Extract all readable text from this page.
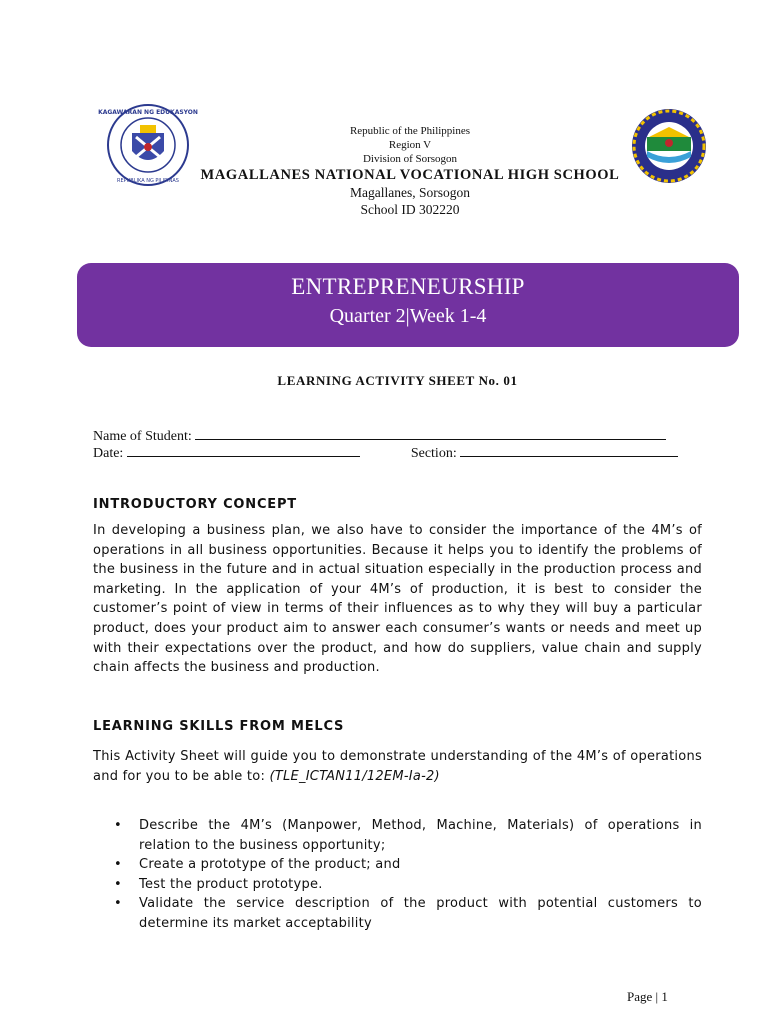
KAGAWARAN NG EDUKASYON
REPUBLIKA NG PILIPINAS
Republic of the Philippines
Region V
Division of Sorsogon
MAGALLANES NATIONAL VOCATIONAL HIGH SCHOOL
Magallanes, Sorsogon
School ID 302220
ENTREPRENEURSHIP
Quarter 2|Week 1-4
LEARNING ACTIVITY SHEET No. 01
Name of Student:
Date:	Section:
INTRODUCTORY CONCEPT
In developing a business plan, we also have to consider the importance of the 4M’s of operations in all business opportunities. Because it helps you to identify the problems of the business in the future and in actual situation especially in the production process and marketing. In the application of your 4M’s of production, it is best to consider the customer’s point of view in terms of their influences as to why they will buy a particular product, does your product aim to answer each consumer’s wants or needs and meet up with their expectations over the product, and how do suppliers, value chain and supply chain affects the business and production.
LEARNING SKILLS FROM MELCS
This Activity Sheet will guide you to demonstrate understanding of the 4M’s of operations and for you to be able to: (TLE_ICTAN11/12EM-Ia-2)
• Describe the 4M’s (Manpower, Method, Machine, Materials) of operations in relation to the business opportunity;
• Create a prototype of the product; and
• Test the product prototype.
• Validate the service description of the product with potential customers to determine its market acceptability
Page | 1
